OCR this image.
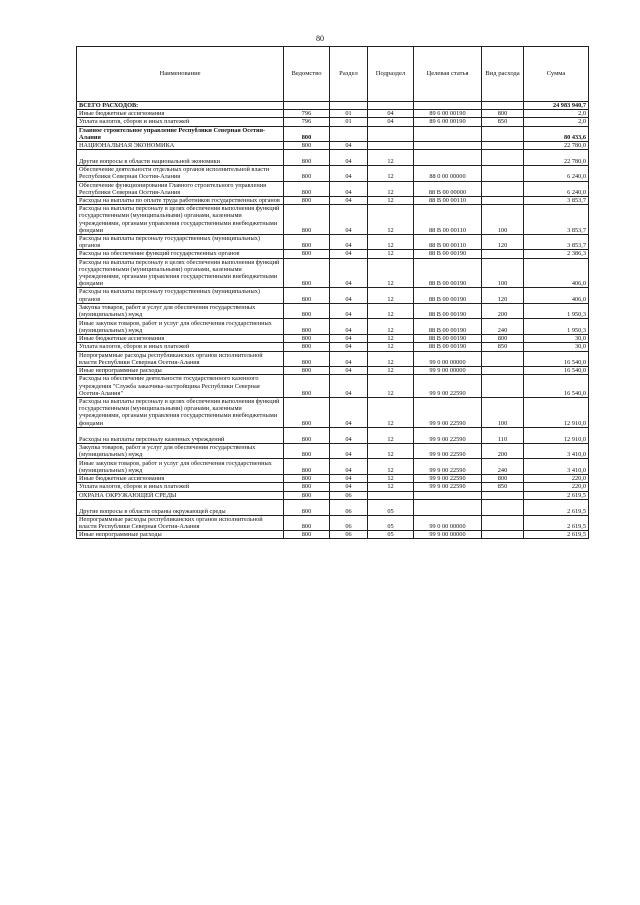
80
Наименование	Ведомство	Раздел	Подраздел	Целевая статья	Вид расхода	Сумма
ВСЕГО РАСХОДОВ:						24 983 940,7
Иные бюджетные ассигнования	796	01	04	89 6 00 00190	800	2,0
Уплата налогов, сборов и иных платежей	796	01	04	89 6 00 00190	850	2,0
Главное строительное управление Республики Северная Осетия-Алания	800					80 433,6
НАЦИОНАЛЬНАЯ ЭКОНОМИКА	800	04				22 780,0
Другие вопросы в области национальной экономики	800	04	12			22 780,0
Обеспечение деятельности отдельных органов исполнительной власти Республики Северная Осетия-Алания	800	04	12	88 0 00 00000		6 240,0
Обеспечение функционирования Главного строительного управления Республики Северная Осетия-Алания	800	04	12	88 В 00 00000		6 240,0
Расходы на выплаты по оплате труда работников государственных органов	800	04	12	88 В 00 00110		3 853,7
Расходы на выплаты персоналу в целях обеспечения выполнения функций государственными (муниципальными) органами, казенными учреждениями, органами управления государственными внебюджетными фондами	800	04	12	88 В 00 00110	100	3 853,7
Расходы на выплаты персоналу государственных (муниципальных) органов	800	04	12	88 В 00 00110	120	3 853,7
Расходы на обеспечение функций государственных органов	800	04	12	88 В 00 00190		2 386,3
Расходы на выплаты персоналу в целях обеспечения выполнения функций государственными (муниципальными) органами, казенными учреждениями, органами управления государственными внебюджетными фондами	800	04	12	88 В 00 00190	100	406,0
Расходы на выплаты персоналу государственных (муниципальных) органов	800	04	12	88 В 00 00190	120	406,0
Закупка товаров, работ и услуг для обеспечения государственных (муниципальных) нужд	800	04	12	88 В 00 00190	200	1 950,3
Иные закупки товаров, работ и услуг для обеспечения государственных (муниципальных) нужд	800	04	12	88 В 00 00190	240	1 950,3
Иные бюджетные ассигнования	800	04	12	88 В 00 00190	800	30,0
Уплата налогов, сборов и иных платежей	800	04	12	88 В 00 00190	850	30,0
Непрограммные расходы республиканских органов исполнительной власти Республики Северная Осетия-Алания	800	04	12	99 0 00 00000		16 540,0
Иные непрограммные расходы	800	04	12	99 9 00 00000		16 540,0
Расходы на обеспечение деятельности государственного казенного учреждения "Служба заказчика-застройщика Республики Северная Осетия-Алания"	800	04	12	99 9 00 22590		16 540,0
Расходы на выплаты персоналу в целях обеспечения выполнения функций государственными (муниципальными) органами, казенными учреждениями, органами управления государственными внебюджетными фондами	800	04	12	99 9 00 22590	100	12 910,0
Расходы на выплаты персоналу казенных учреждений	800	04	12	99 9 00 22590	110	12 910,0
Закупка товаров, работ и услуг для обеспечения государственных (муниципальных) нужд	800	04	12	99 9 00 22590	200	3 410,0
Иные закупки товаров, работ и услуг для обеспечения государственных (муниципальных) нужд	800	04	12	99 9 00 22590	240	3 410,0
Иные бюджетные ассигнования	800	04	12	99 9 00 22590	800	220,0
Уплата налогов, сборов и иных платежей	800	04	12	99 9 00 22590	850	220,0
ОХРАНА ОКРУЖАЮЩЕЙ СРЕДЫ	800	06				2 619,5
Другие вопросы в области охраны окружающей среды	800	06	05			2 619,5
Непрограммные расходы республиканских органов исполнительной власти Республики Северная Осетия-Алания	800	06	05	99 0 00 00000		2 619,5
Иные непрограммные расходы	800	06	05	99 9 00 00000		2 619,5
